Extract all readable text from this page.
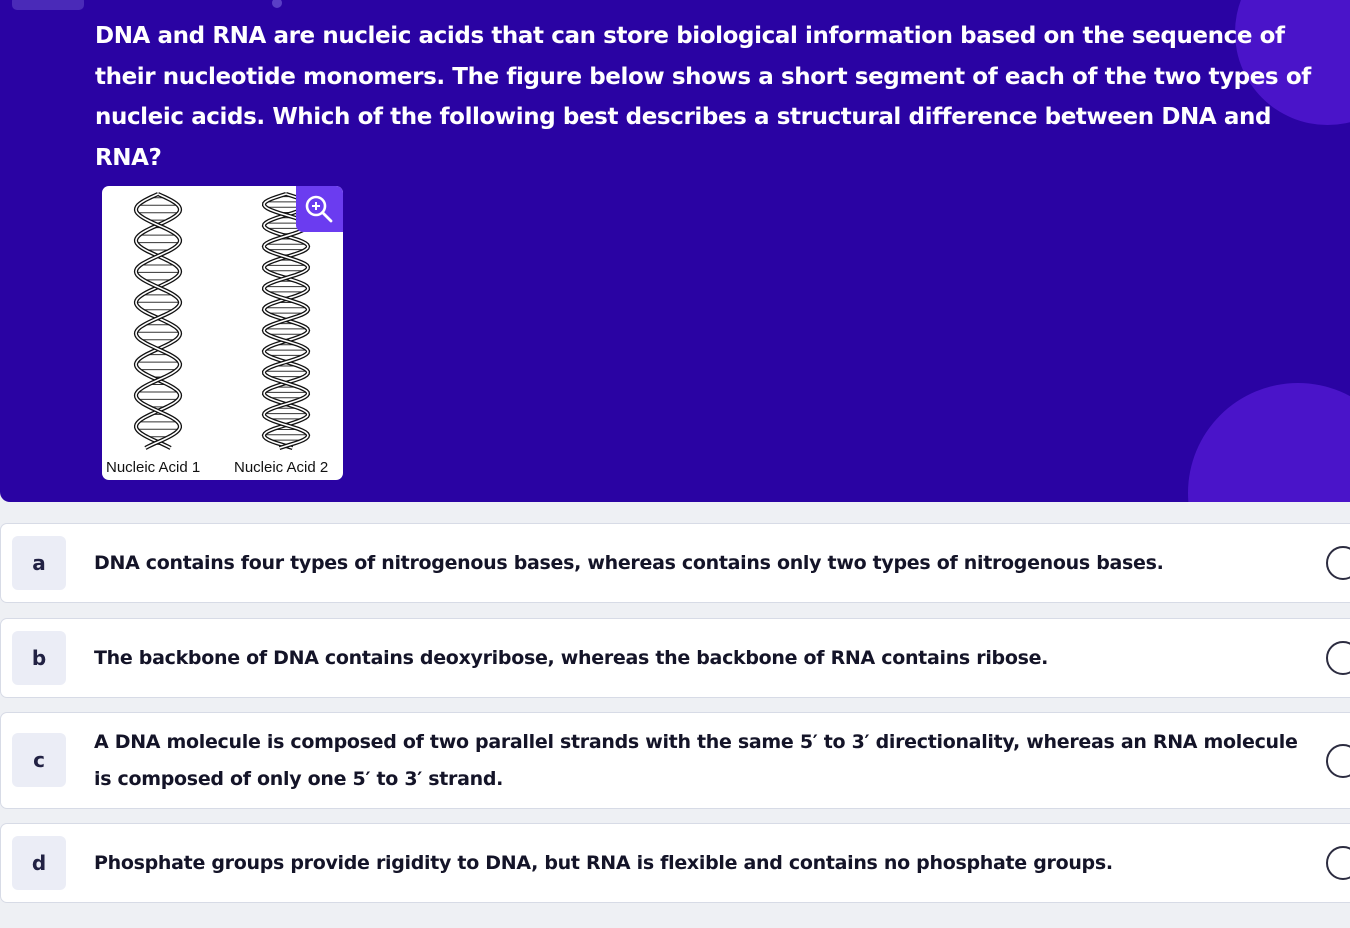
DNA and RNA are nucleic acids that can store biological information based on the sequence of their nucleotide monomers. The figure below shows a short segment of each of the two types of nucleic acids. Which of the following best describes a structural difference between DNA and RNA?

Nucleic Acid 1 Nucleic Acid 2
a	DNA contains four types of nitrogenous bases, whereas contains only two types of nitrogenous bases.

b	The backbone of DNA contains deoxyribose, whereas the backbone of RNA contains ribose.

c

A DNA molecule is composed of two parallel strands with the same 5′ to 3′ directionality, whereas an RNA molecule is composed of only one 5′ to 3′ strand.

d	Phosphate groups provide rigidity to DNA, but RNA is flexible and contains no phosphate groups.
